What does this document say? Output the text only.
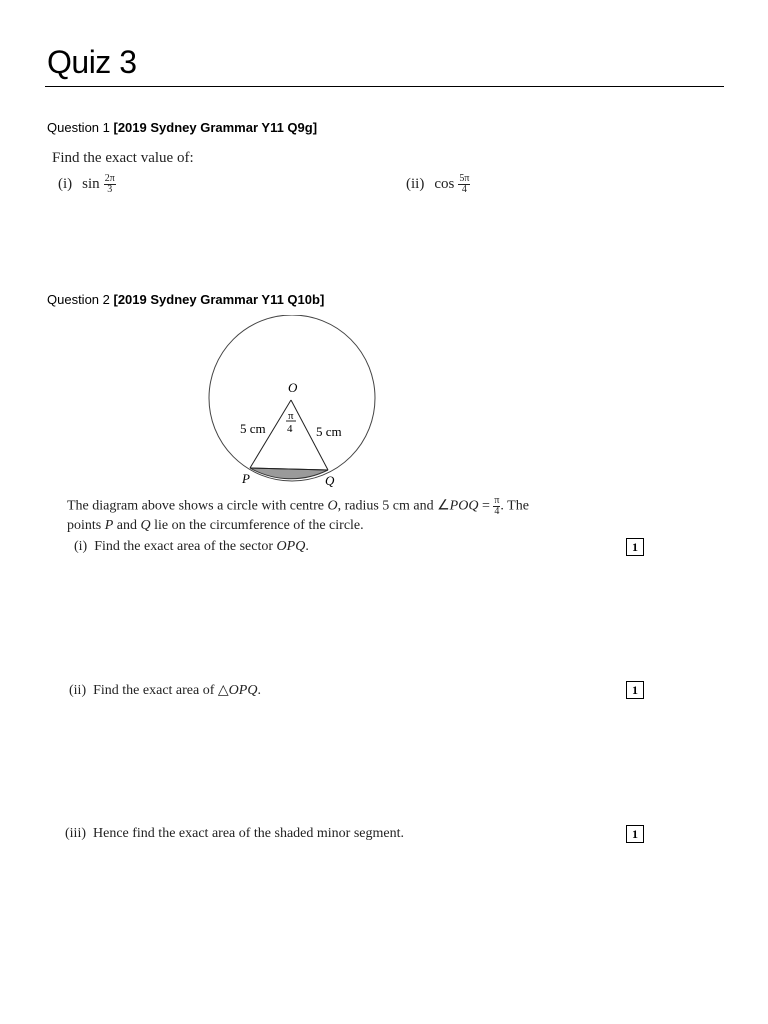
Quiz 3
Question 1 [2019 Sydney Grammar Y11 Q9g]
Find the exact value of:
(i) $\sin \frac{2\pi}{3}$	(ii) $\cos \frac{5\pi}{4}$
Question 2 [2019 Sydney Grammar Y11 Q10b]
O
π
4
5 cm	5 cm
P	Q
The diagram above shows a circle with centre O, radius 5 cm and ∠POQ = $\frac{\pi}{4}$ . The
points P and Q lie on the circumference of the circle.
(i) Find the exact area of the sector OPQ.	1
(ii) Find the exact area of △OPQ.	1
(iii) Hence find the exact area of the shaded minor segment.	1
